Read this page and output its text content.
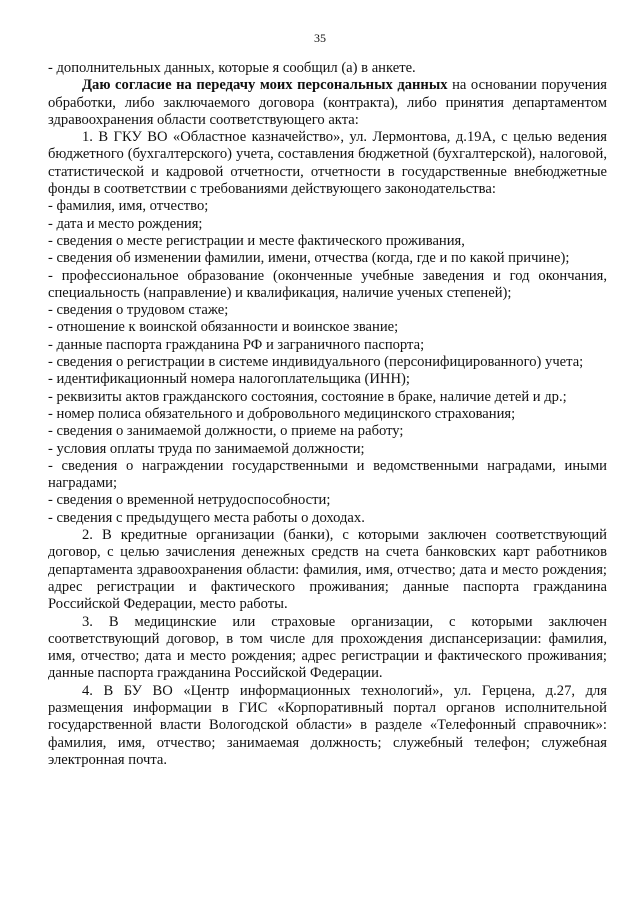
35

- дополнительных данных, которые я сообщил (а) в анкете.

Даю согласие на передачу моих персональных данных на основании поручения обработки, либо заключаемого договора (контракта), либо принятия департаментом здравоохранения области соответствующего акта:

1. В ГКУ ВО «Областное казначейство», ул. Лермонтова, д.19А, с целью ведения бюджетного (бухгалтерского) учета, составления бюджетной (бухгалтерской), налоговой, статистической и кадровой отчетности, отчетности в государственные внебюджетные фонды в соответствии с требованиями действующего законодательства:

- фамилия, имя, отчество;

- дата и место рождения;

- сведения о месте регистрации и месте фактического проживания,

- сведения об изменении фамилии, имени, отчества (когда, где и по какой причине);

- профессиональное образование (оконченные учебные заведения и год окончания, специальность (направление) и квалификация, наличие ученых степеней);

- сведения о трудовом стаже;

- отношение к воинской обязанности и воинское звание;

- данные паспорта гражданина РФ и заграничного паспорта;

- сведения о регистрации в системе индивидуального (персонифицированного) учета;

- идентификационный номера налогоплательщика (ИНН);

- реквизиты актов гражданского состояния, состояние в браке, наличие детей и др.;

- номер полиса обязательного и добровольного медицинского страхования;

- сведения о занимаемой должности, о приеме на работу;

- условия оплаты труда по занимаемой должности;

- сведения о награждении государственными и ведомственными наградами, иными наградами;

- сведения о временной нетрудоспособности;

- сведения с предыдущего места работы о доходах.

2. В кредитные организации (банки), с которыми заключен соответствующий договор, с целью зачисления денежных средств на счета банковских карт работников департамента здравоохранения области: фамилия, имя, отчество; дата и место рождения; адрес регистрации и фактического проживания; данные паспорта гражданина Российской Федерации, место работы.

3. В медицинские или страховые организации, с которыми заключен соответствующий договор, в том числе для прохождения диспансеризации: фамилия, имя, отчество; дата и место рождения; адрес регистрации и фактического проживания; данные паспорта гражданина Российской Федерации.

4. В БУ ВО «Центр информационных технологий», ул. Герцена, д.27, для размещения информации в ГИС «Корпоративный портал органов исполнительной государственной власти Вологодской области» в разделе «Телефонный справочник»: фамилия, имя, отчество; занимаемая должность; служебный телефон; служебная электронная почта.
